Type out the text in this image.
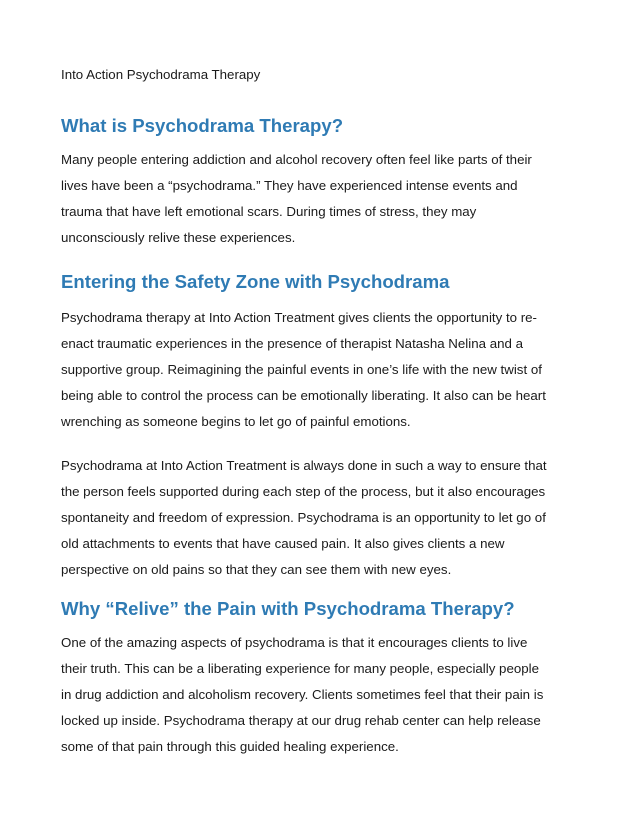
Into Action Psychodrama Therapy
What is Psychodrama Therapy?

Many people entering addiction and alcohol recovery often feel like parts of their
lives have been a “psychodrama.” They have experienced intense events and
trauma that have left emotional scars. During times of stress, they may
unconsciously relive these experiences.

Entering the Safety Zone with Psychodrama

Psychodrama therapy at Into Action Treatment gives clients the opportunity to re-
enact traumatic experiences in the presence of therapist Natasha Nelina and a
supportive group. Reimagining the painful events in one’s life with the new twist of
being able to control the process can be emotionally liberating. It also can be heart
wrenching as someone begins to let go of painful emotions.

Psychodrama at Into Action Treatment is always done in such a way to ensure that
the person feels supported during each step of the process, but it also encourages
spontaneity and freedom of expression. Psychodrama is an opportunity to let go of
old attachments to events that have caused pain. It also gives clients a new
perspective on old pains so that they can see them with new eyes.

Why “Relive” the Pain with Psychodrama Therapy?

One of the amazing aspects of psychodrama is that it encourages clients to live
their truth. This can be a liberating experience for many people, especially people
in drug addiction and alcoholism recovery. Clients sometimes feel that their pain is
locked up inside. Psychodrama therapy at our drug rehab center can help release
some of that pain through this guided healing experience.
